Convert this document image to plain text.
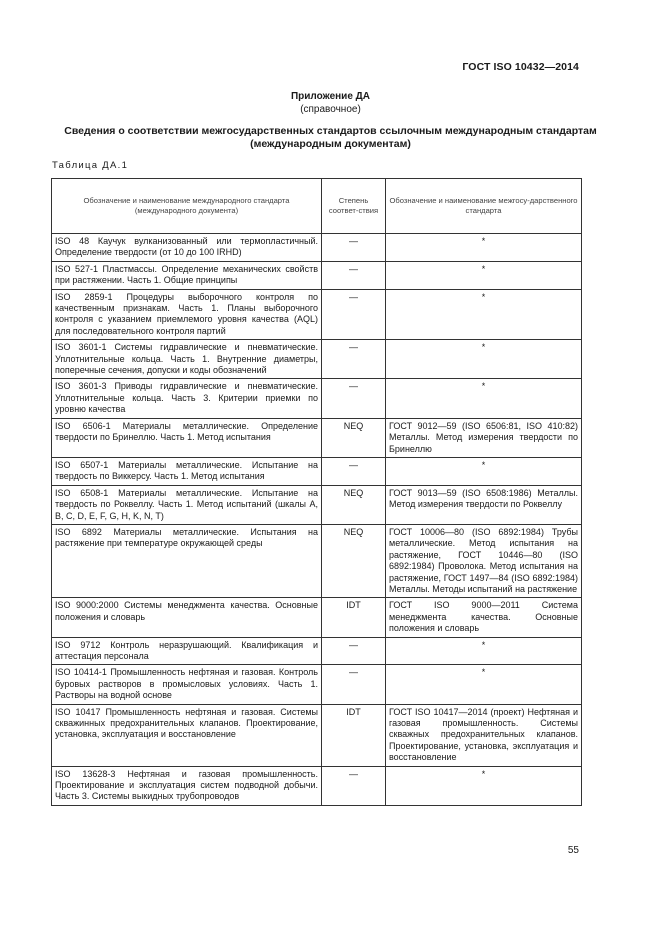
ГОСТ ISO 10432—2014
Приложение ДА
(справочное)
Сведения о соответствии межгосударственных стандартов ссылочным международным стандартам (международным документам)
Таблица ДА.1
Обозначение и наименование международного стандарта (международного документа)	Степень соответ-ствия	Обозначение и наименование межгосу-дарственного стандарта
ISO 48 Каучук вулканизованный или термопластичный. Определение твердости (от 10 до 100 IRHD)	—	*
ISO 527-1 Пластмассы. Определение механических свойств при растяжении. Часть 1. Общие принципы	—	*
ISO 2859-1 Процедуры выборочного контроля по качественным признакам. Часть 1. Планы выборочного контроля с указанием приемлемого уровня качества (AQL) для последовательного контроля партий	—	*
ISO 3601-1 Системы гидравлические и пневматические. Уплотнительные кольца. Часть 1. Внутренние диаметры, поперечные сечения, допуски и коды обозначений	—	*
ISO 3601-3 Приводы гидравлические и пневматические. Уплотнительные кольца. Часть 3. Критерии приемки по уровню качества	—	*
ISO 6506-1 Материалы металлические. Определение твердости по Бринеллю. Часть 1. Метод испытания	NEQ	ГОСТ 9012—59 (ISO 6506:81, ISO 410:82) Металлы. Метод измерения твердости по Бринеллю
ISO 6507-1 Материалы металлические. Испытание на твердость по Виккерсу. Часть 1. Метод испытания	—	*
ISO 6508-1 Материалы металлические. Испытание на твердость по Роквеллу. Часть 1. Метод испытаний (шкалы A, B, C, D, E, F, G, H, K, N, T)	NEQ	ГОСТ 9013—59 (ISO 6508:1986) Металлы. Метод измерения твердости по Роквеллу
ISO 6892 Материалы металлические. Испытания на растяжение при температуре окружающей среды	NEQ	ГОСТ 10006—80 (ISO 6892:1984) Трубы металлические. Метод испытания на растяжение, ГОСТ 10446—80 (ISO 6892:1984) Проволока. Метод испытания на растяжение, ГОСТ 1497—84 (ISO 6892:1984) Металлы. Методы испытаний на растяжение
ISO 9000:2000 Системы менеджмента качества. Основные положения и словарь	IDT	ГОСТ ISO 9000—2011 Система менеджмента качества. Основные положения и словарь
ISO 9712 Контроль неразрушающий. Квалификация и аттестация персонала	—	*
ISO 10414-1 Промышленность нефтяная и газовая. Контроль буровых растворов в промысловых условиях. Часть 1. Растворы на водной основе	—	*
ISO 10417 Промышленность нефтяная и газовая. Системы скважинных предохранительных клапанов. Проектирование, установка, эксплуатация и восстановление	IDT	ГОСТ ISO 10417—2014 (проект) Нефтяная и газовая промышленность. Системы скважных предохранительных клапанов. Проектирование, установка, эксплуатация и восстановление
ISO 13628-3 Нефтяная и газовая промышленность. Проектирование и эксплуатация систем подводной добычи. Часть 3. Системы выкидных трубопроводов	—	*
55
